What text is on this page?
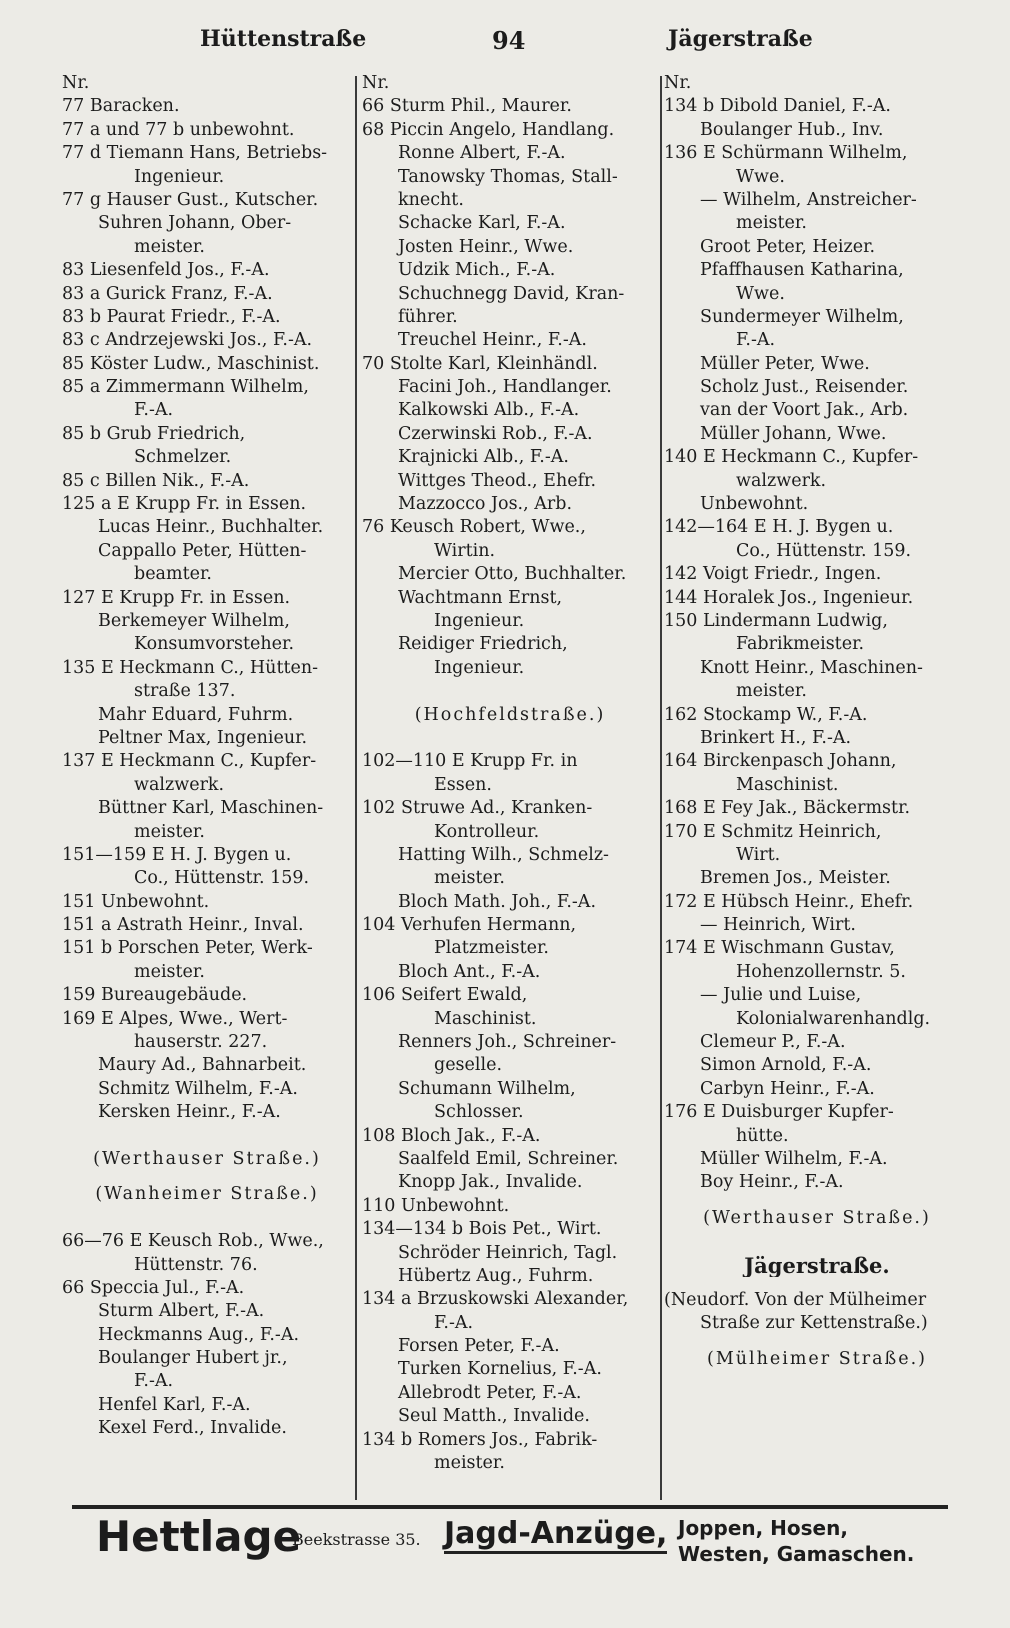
Hüttenstraße	94	Jägerstraße
Nr.
77 Baracken.
77 a und 77 b unbewohnt.
77 d Tiemann Hans, Betriebs-
Ingenieur.
77 g Hauser Gust., Kutscher.
Suhren Johann, Ober-
meister.
83 Liesenfeld Jos., F.-A.
83 a Gurick Franz, F.-A.
83 b Paurat Friedr., F.-A.
83 c Andrzejewski Jos., F.-A.
85 Köster Ludw., Maschinist.
85 a Zimmermann Wilhelm,
F.-A.
85 b Grub Friedrich,
Schmelzer.
85 c Billen Nik., F.-A.
125 a E Krupp Fr. in Essen.
Lucas Heinr., Buchhalter.
Cappallo Peter, Hütten-
beamter.
127 E Krupp Fr. in Essen.
Berkemeyer Wilhelm,
Konsumvorsteher.
135 E Heckmann C., Hütten-
straße 137.
Mahr Eduard, Fuhrm.
Peltner Max, Ingenieur.
137 E Heckmann C., Kupfer-
walzwerk.
Büttner Karl, Maschinen-
meister.
151—159 E H. J. Bygen u.
Co., Hüttenstr. 159.
151 Unbewohnt.
151 a Astrath Heinr., Inval.
151 b Porschen Peter, Werk-
meister.
159 Bureaugebäude.
169 E Alpes, Wwe., Wert-
hauserstr. 227.
Maury Ad., Bahnarbeit.
Schmitz Wilhelm, F.-A.
Kersken Heinr., F.-A.
(Werthauser Straße.)
(Wanheimer Straße.)
66—76 E Keusch Rob., Wwe.,
Hüttenstr. 76.
66 Speccia Jul., F.-A.
Sturm Albert, F.-A.
Heckmanns Aug., F.-A.
Boulanger Hubert jr.,
F.-A.
Henfel Karl, F.-A.
Kexel Ferd., Invalide.
Nr.
66 Sturm Phil., Maurer.
68 Piccin Angelo, Handlang.
Ronne Albert, F.-A.
Tanowsky Thomas, Stall-
knecht.
Schacke Karl, F.-A.
Josten Heinr., Wwe.
Udzik Mich., F.-A.
Schuchnegg David, Kran-
führer.
Treuchel Heinr., F.-A.
70 Stolte Karl, Kleinhändl.
Facini Joh., Handlanger.
Kalkowski Alb., F.-A.
Czerwinski Rob., F.-A.
Krajnicki Alb., F.-A.
Wittges Theod., Ehefr.
Mazzocco Jos., Arb.
76 Keusch Robert, Wwe.,
Wirtin.
Mercier Otto, Buchhalter.
Wachtmann Ernst,
Ingenieur.
Reidiger Friedrich,
Ingenieur.
(Hochfeldstraße.)
102—110 E Krupp Fr. in
Essen.
102 Struwe Ad., Kranken-
Kontrolleur.
Hatting Wilh., Schmelz-
meister.
Bloch Math. Joh., F.-A.
104 Verhufen Hermann,
Platzmeister.
Bloch Ant., F.-A.
106 Seifert Ewald,
Maschinist.
Renners Joh., Schreiner-
geselle.
Schumann Wilhelm,
Schlosser.
108 Bloch Jak., F.-A.
Saalfeld Emil, Schreiner.
Knopp Jak., Invalide.
110 Unbewohnt.
134—134 b Bois Pet., Wirt.
Schröder Heinrich, Tagl.
Hübertz Aug., Fuhrm.
134 a Brzuskowski Alexander,
F.-A.
Forsen Peter, F.-A.
Turken Kornelius, F.-A.
Allebrodt Peter, F.-A.
Seul Matth., Invalide.
134 b Romers Jos., Fabrik-
meister.
Nr.
134 b Dibold Daniel, F.-A.
Boulanger Hub., Inv.
136 E Schürmann Wilhelm,
Wwe.
— Wilhelm, Anstreicher-
meister.
Groot Peter, Heizer.
Pfaffhausen Katharina,
Wwe.
Sundermeyer Wilhelm,
F.-A.
Müller Peter, Wwe.
Scholz Just., Reisender.
van der Voort Jak., Arb.
Müller Johann, Wwe.
140 E Heckmann C., Kupfer-
walzwerk.
Unbewohnt.
142—164 E H. J. Bygen u.
Co., Hüttenstr. 159.
142 Voigt Friedr., Ingen.
144 Horalek Jos., Ingenieur.
150 Lindermann Ludwig,
Fabrikmeister.
Knott Heinr., Maschinen-
meister.
162 Stockamp W., F.-A.
Brinkert H., F.-A.
164 Birckenpasch Johann,
Maschinist.
168 E Fey Jak., Bäckermstr.
170 E Schmitz Heinrich,
Wirt.
Bremen Jos., Meister.
172 E Hübsch Heinr., Ehefr.
— Heinrich, Wirt.
174 E Wischmann Gustav,
Hohenzollernstr. 5.
— Julie und Luise,
Kolonialwarenhandlg.
Clemeur P., F.-A.
Simon Arnold, F.-A.
Carbyn Heinr., F.-A.
176 E Duisburger Kupfer-
hütte.
Müller Wilhelm, F.-A.
Boy Heinr., F.-A.
(Werthauser Straße.)
Jägerstraße.
(Neudorf. Von der Mülheimer
Straße zur Kettenstraße.)
(Mülheimer Straße.)
Hettlage
Beekstrasse 35. Jagd-Anzüge, Joppen, Hosen,
Westen, Gamaschen.
